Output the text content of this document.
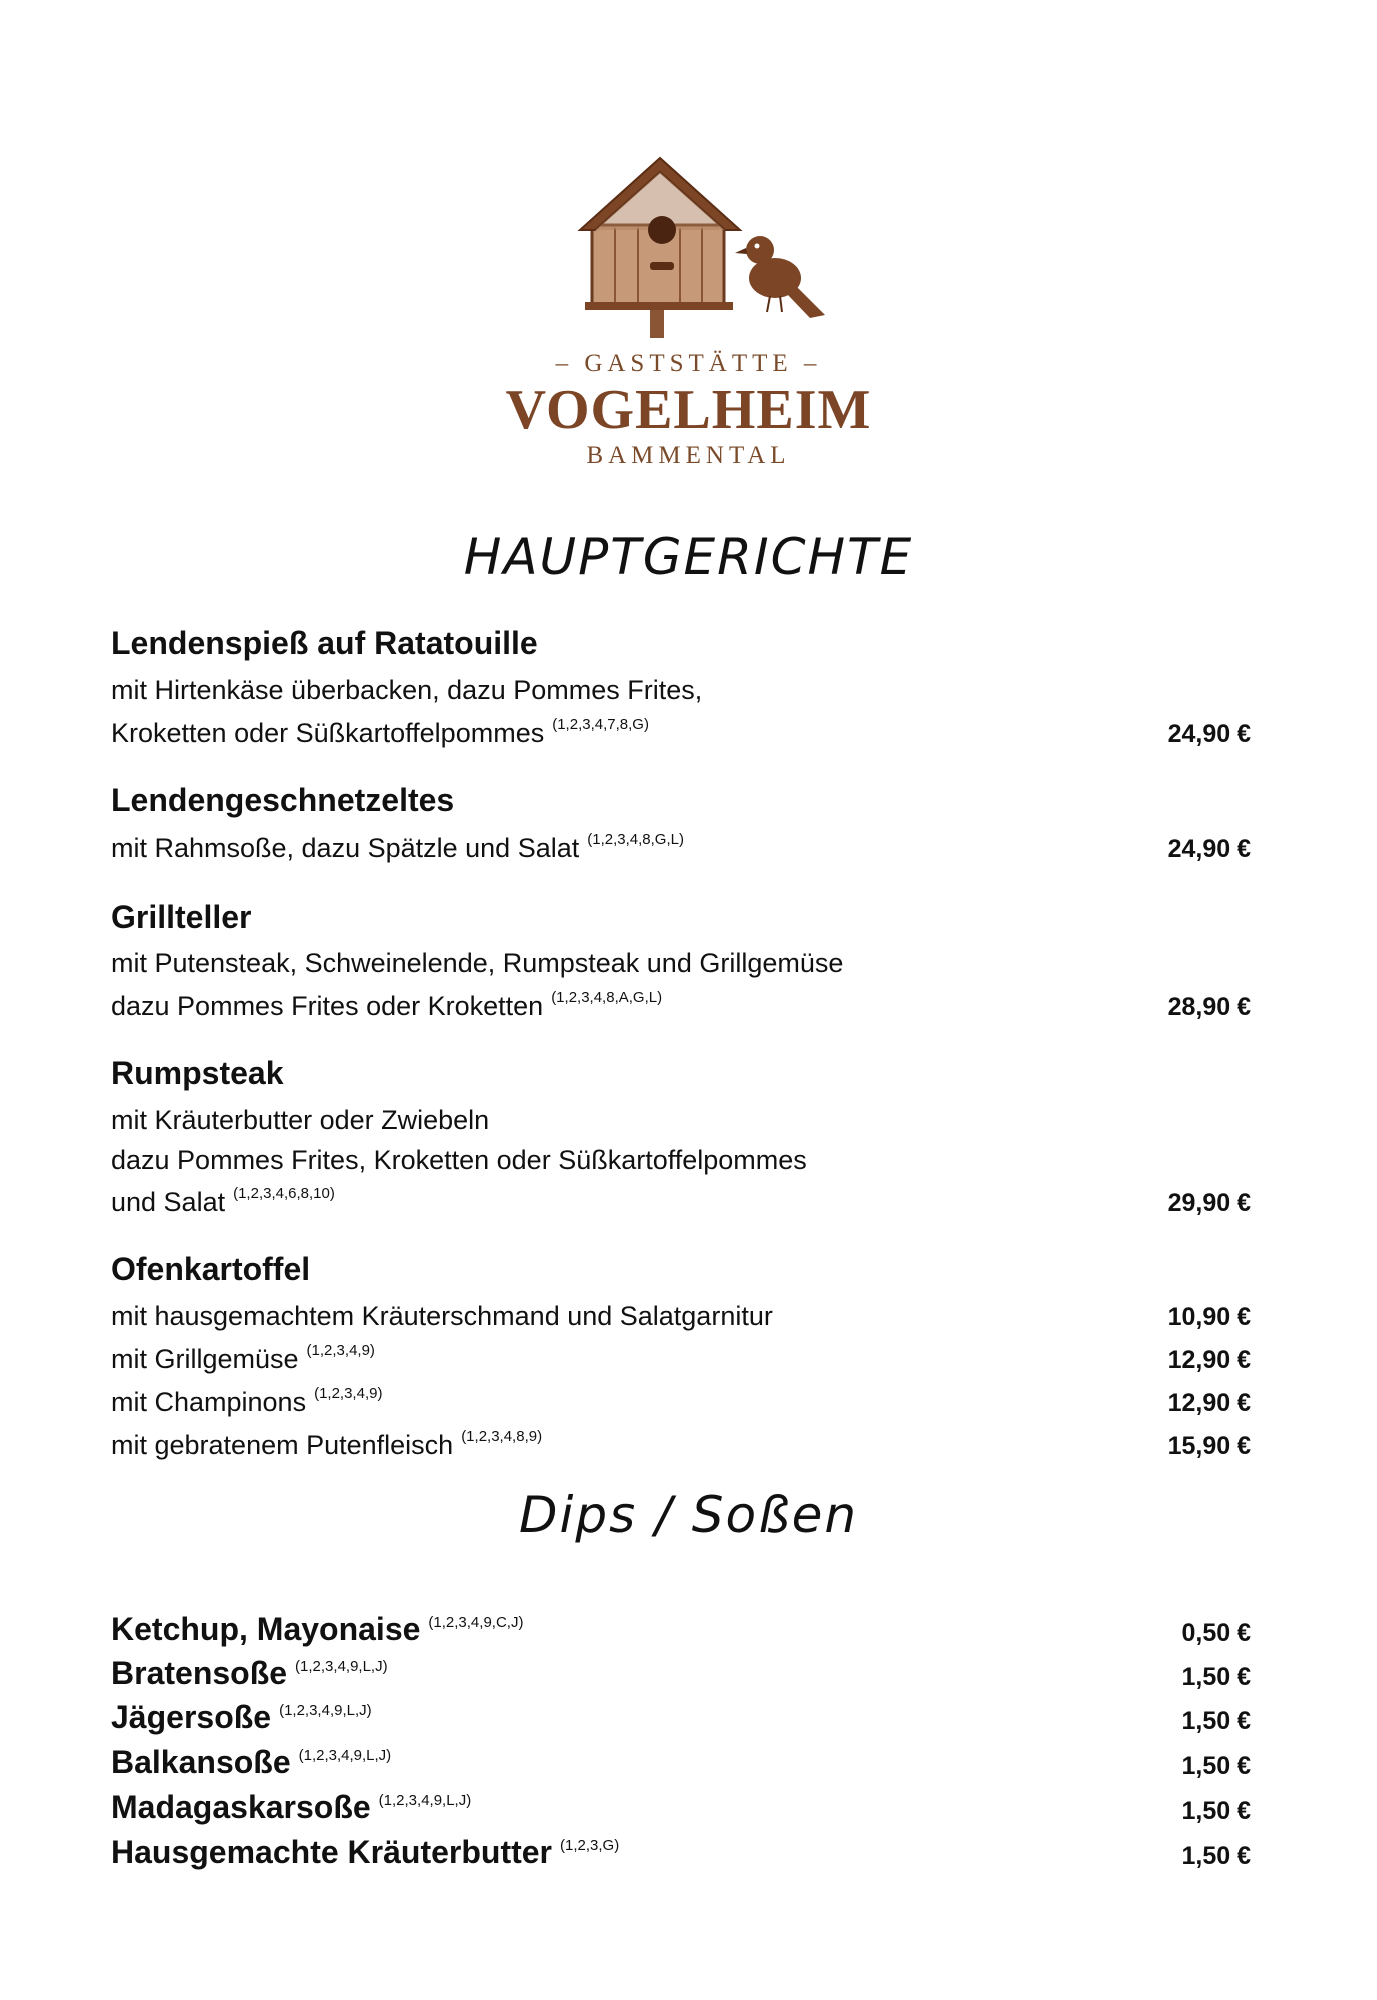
– GASTSTÄTTE –
VOGELHEIM
BAMMENTAL
HAUPTGERICHTE
Lendenspieß auf Ratatouille
mit Hirtenkäse überbacken, dazu Pommes Frites,
Kroketten oder Süßkartoffelpommes $^{(1,2,3,4,7,8,G)}$	24,90 €
Lendengeschnetzeltes
mit Rahmsoße, dazu Spätzle und Salat $^{(1,2,3,4,8,G,L)}$	24,90 €
Grillteller
mit Putensteak, Schweinelende, Rumpsteak und Grillgemüse
dazu Pommes Frites oder Kroketten $^{(1,2,3,4,8,A,G,L)}$	28,90 €
Rumpsteak
mit Kräuterbutter oder Zwiebeln
dazu Pommes Frites, Kroketten oder Süßkartoffelpommes
und Salat $^{(1,2,3,4,6,8,10)}$	29,90 €
Ofenkartoffel
mit hausgemachtem Kräuterschmand und Salatgarnitur	10,90 €
mit Grillgemüse $^{(1,2,3,4,9)}$	12,90 €
mit Champinons $^{(1,2,3,4,9)}$	12,90 €
mit gebratenem Putenfleisch $^{(1,2,3,4,8,9)}$	15,90 €
Dips / Soßen
Ketchup, Mayonaise $^{(1,2,3,4,9,C,J)}$	0,50 €
Bratensoße $^{(1,2,3,4,9,L,J)}$	1,50 €
Jägersoße $^{(1,2,3,4,9,L,J)}$	1,50 €
Balkansoße $^{(1,2,3,4,9,L,J)}$	1,50 €
Madagaskarsoße $^{(1,2,3,4,9,L,J)}$	1,50 €
Hausgemachte Kräuterbutter $^{(1,2,3,G)}$	1,50 €
